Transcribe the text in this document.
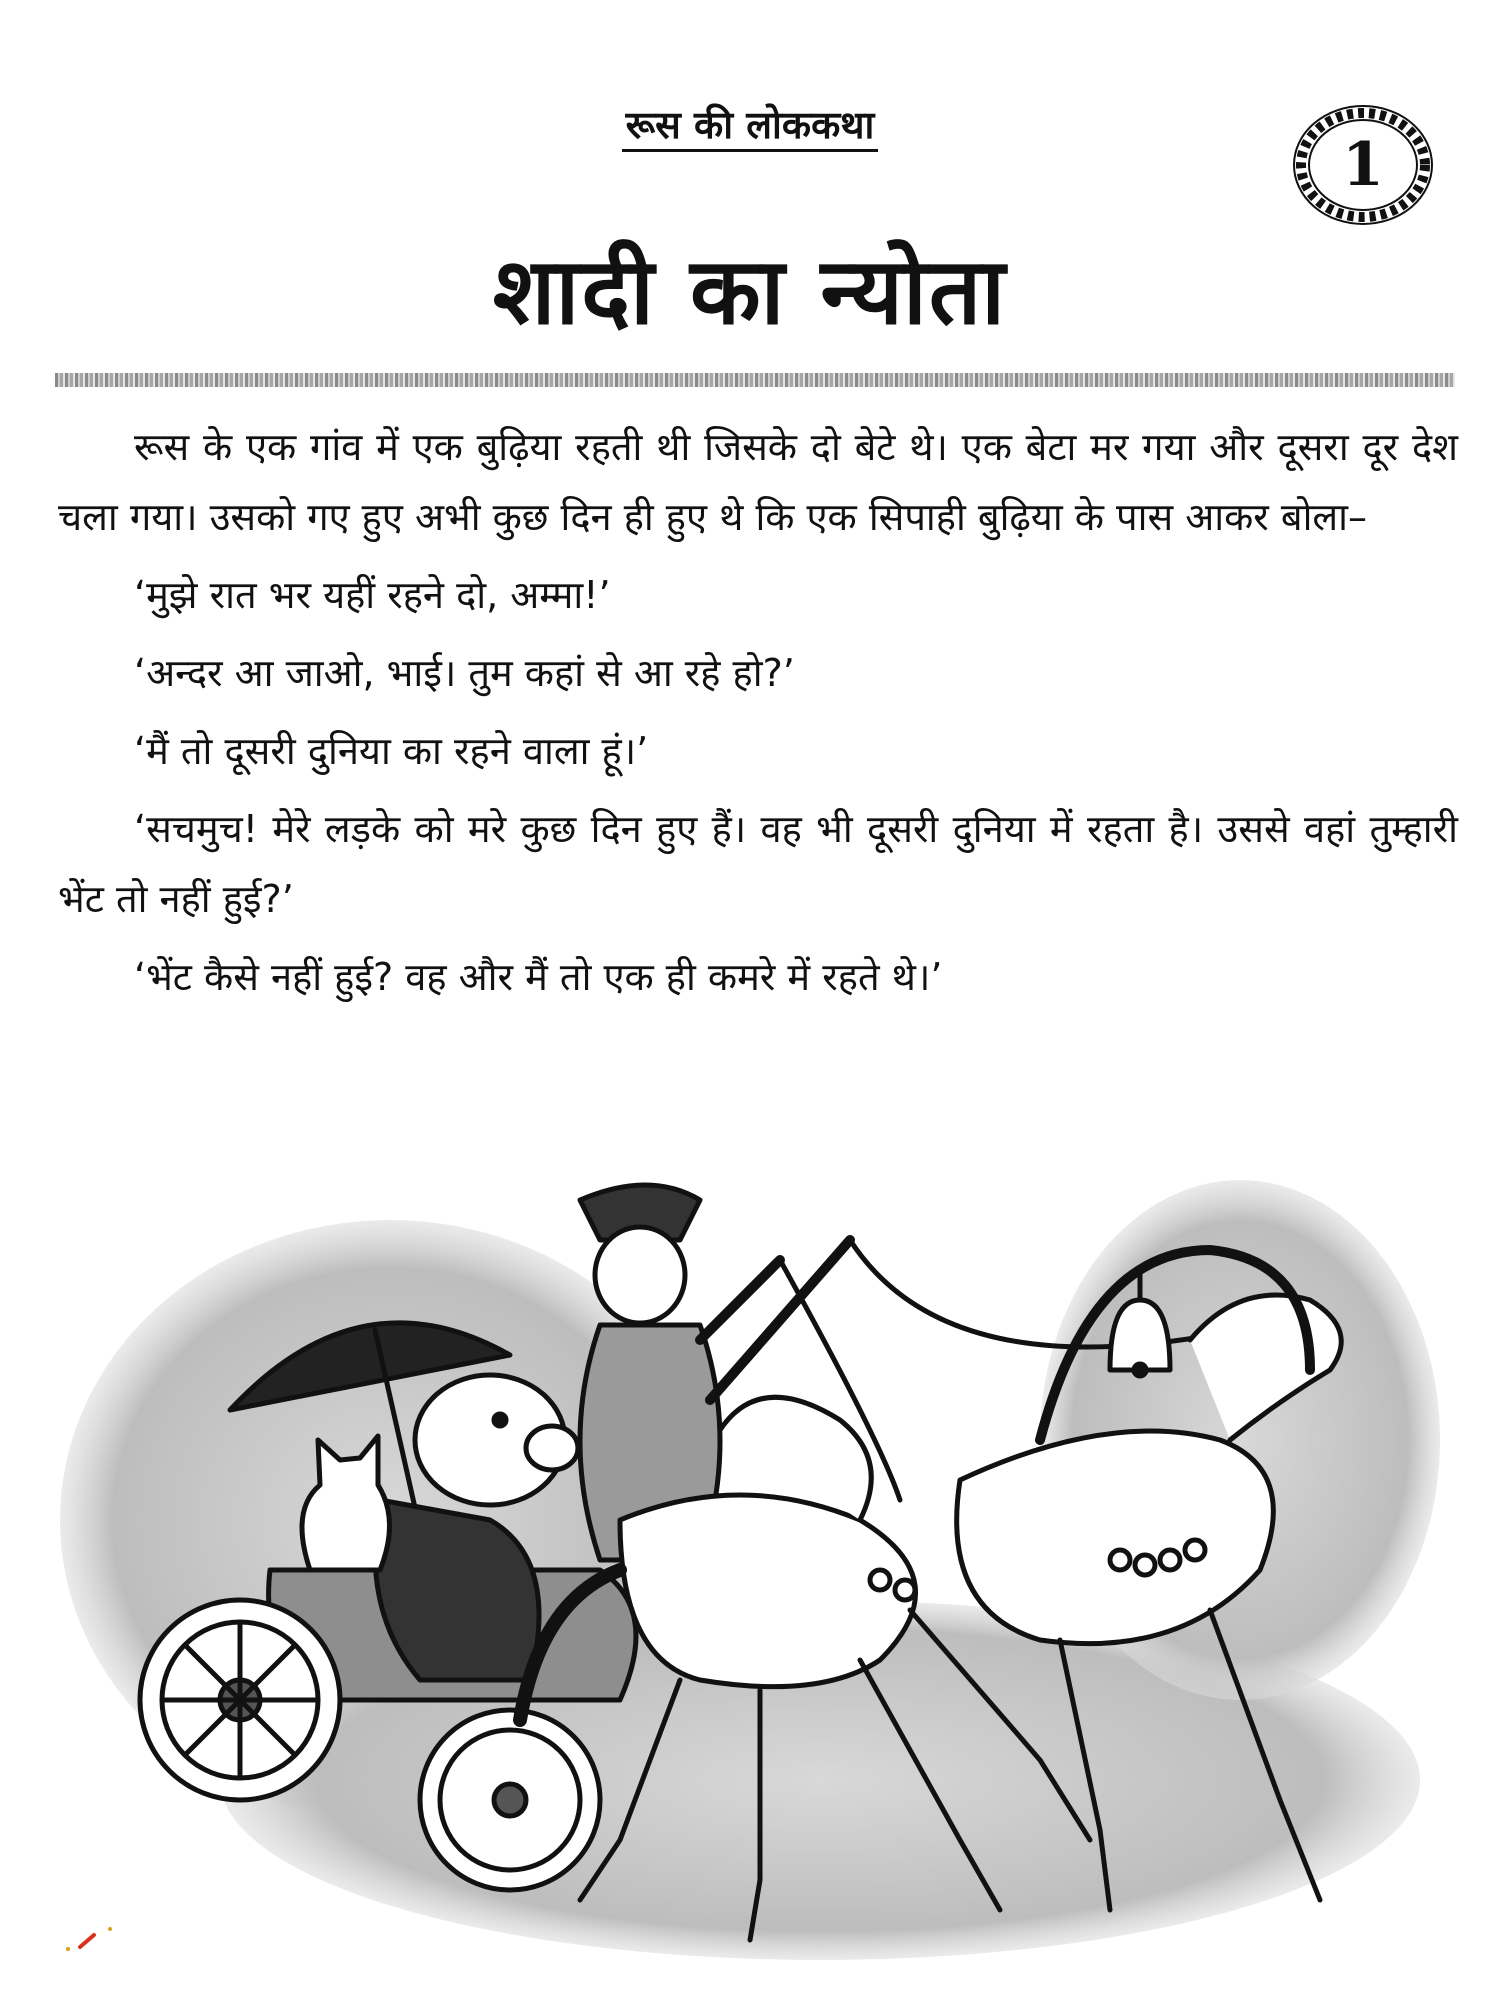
रूस की लोककथा
1
शादी का न्योता

रूस के एक गांव में एक बुढ़िया रहती थी जिसके दो बेटे थे। एक बेटा मर गया और दूसरा दूर देश चला गया। उसको गए हुए अभी कुछ दिन ही हुए थे कि एक सिपाही बुढ़िया के पास आकर बोला–

‘मुझे रात भर यहीं रहने दो, अम्मा!’

‘अन्दर आ जाओ, भाई। तुम कहां से आ रहे हो?’

‘मैं तो दूसरी दुनिया का रहने वाला हूं।’

‘सचमुच! मेरे लड़के को मरे कुछ दिन हुए हैं। वह भी दूसरी दुनिया में रहता है। उससे वहां तुम्हारी भेंट तो नहीं हुई?’

‘भेंट कैसे नहीं हुई? वह और मैं तो एक ही कमरे में रहते थे।’
